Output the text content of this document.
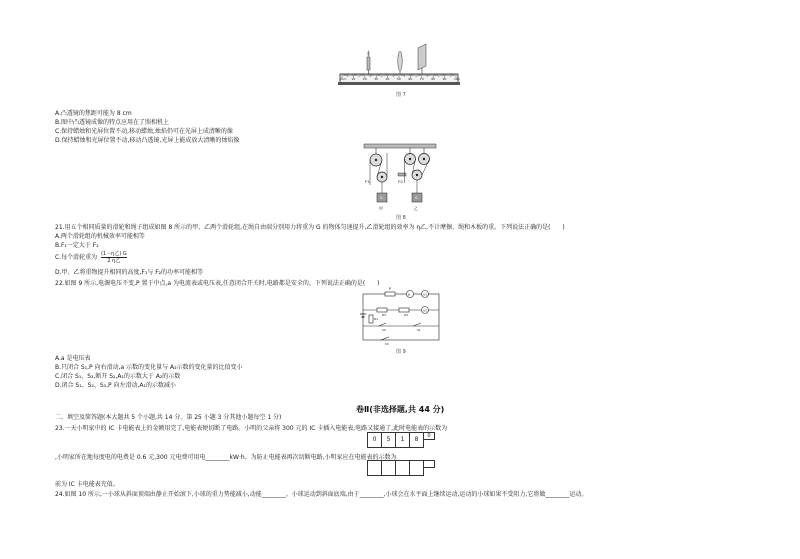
0cm 10	20	30	40	50	60	70	80	90	100
图 7
A.凸透镜的焦距可能为 8 cm
B.图中凸透镜成像的特点应用在了照相机上
C.保持蜡烛和光屏位置不动,移动蜡烛,烛焰仍可在光屏上成清晰的像
D.保持蜡烛和光屏位置不动,移动凸透镜,光屏上能成放大清晰的烛焰像
F1	F2
甲	乙
G	G
图 8
21.用五个相同质量的滑轮和绳子组成如图 8 所示的甲、乙两个滑轮组,在绳自由端分别用力将重为 G 的物体匀速提升,乙滑轮组的效率为 η乙,不计摩擦、绳和木板的重。下列说法正确的是(　　)
A.两个滑轮组的机械效率可能相等
B.F₁一定大于 F₂
C.每个滑轮重为 $\frac{\text{(1－η乙) G}}{\text{2 η乙}}$
D.甲、乙将重物提升相同的高度,F₁与 F₂的功率可能相等
22.如图 9 所示,电源电压不变,P 置于中点,a 为电流表或电压表,任意闭合开关时,电路都是安全的。下列说法正确的是(　　)
a	A1
A2
P
R1
R2	R3
S1
S2
S3
图 9
A.a 是电压表
B.只闭合 S₁,P 向右滑动,a 示数的变化量与 A₂示数的变化量的比值变小
C.闭合 S₁、S₃,断开 S₂,A₁的示数大于 A₂的示数
D.闭合 S₁、S₂、S₃,P 向左滑动,A₁的示数减小
卷Ⅱ(非选择题,共 44 分)
二、填空及简答题(本大题共 5 个小题,共 14 分。第 25 小题 3 分其他小题每空 1 分)
23.一天小明家中的 IC 卡电能表上的金额用完了,电能表便切断了电路。小明的父亲将 300 元的 IC 卡插入电能表,电路又接通了,此时电能表的示数为
0	5	1	8	0
,小明家所在地每度电的电费是 0.6 元,300 元电费可用电________kW·h。为防止电能表再次切断电路,小明家应在电能表的示数为
前为 IC 卡电能表充值。
24.如图 10 所示,一小球从斜面顶端由静止开始滚下,小球的重力势能减小,动能________。小球运动到斜面底端,由于________,小球会在水平面上继续运动,运动的小球如果不受阻力,它将做________运动。
